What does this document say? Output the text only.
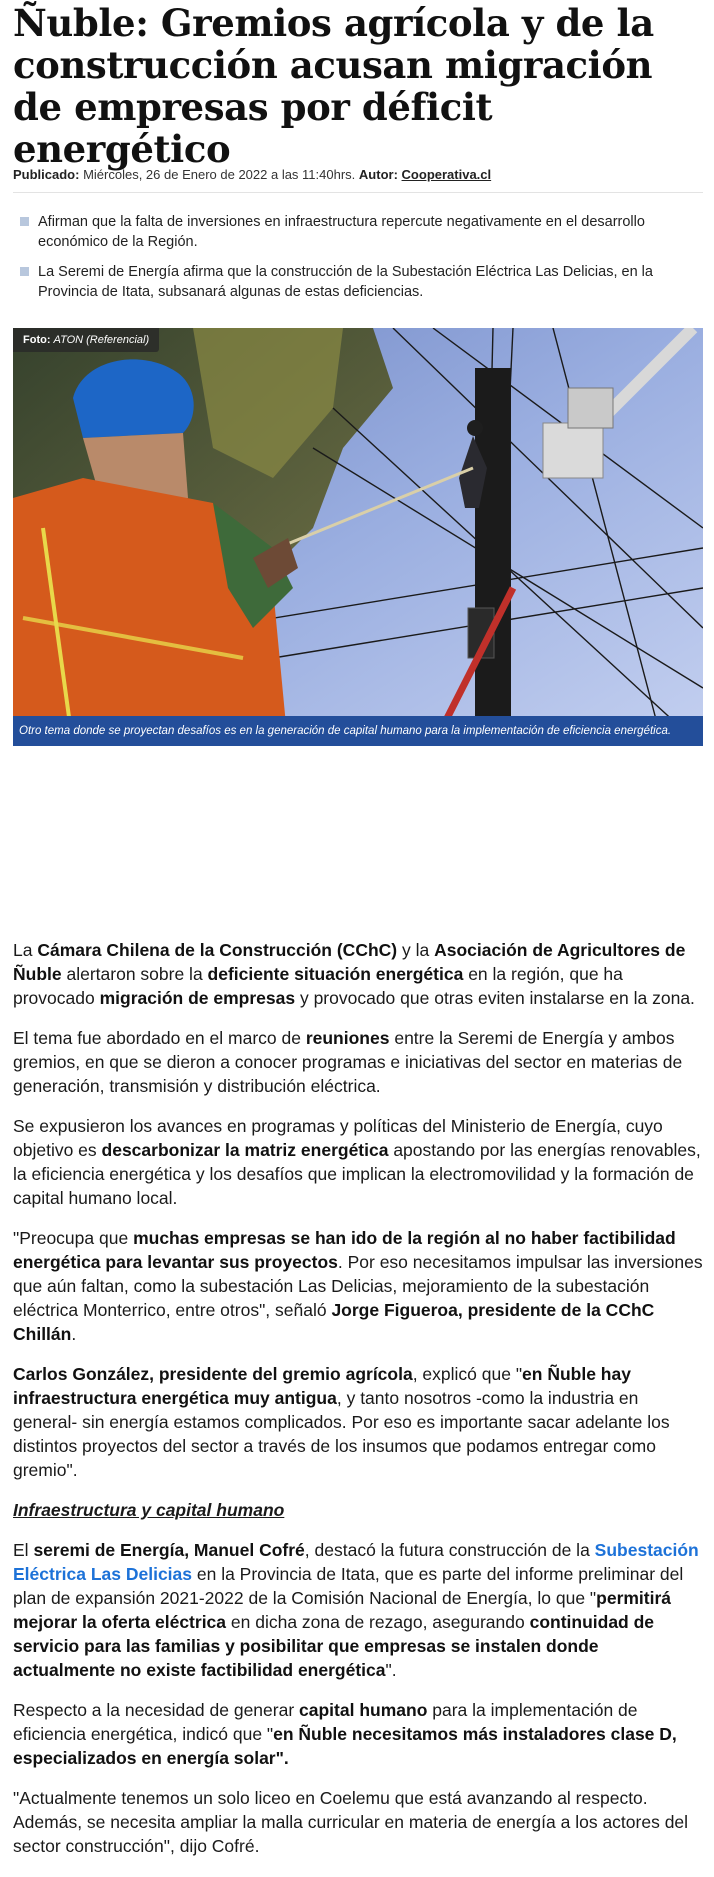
Ñuble: Gremios agrícola y de la construcción acusan migración de empresas por déficit energético
Publicado: Miércoles, 26 de Enero de 2022 a las 11:40hrs. Autor: Cooperativa.cl
Afirman que la falta de inversiones en infraestructura repercute negativamente en el desarrollo económico de la Región.
La Seremi de Energía afirma que la construcción de la Subestación Eléctrica Las Delicias, en la Provincia de Itata, subsanará algunas de estas deficiencias.
Foto: ATON (Referencial)
Otro tema donde se proyectan desafíos es en la generación de capital humano para la implementación de eficiencia energética.

La Cámara Chilena de la Construcción (CChC) y la Asociación de Agricultores de Ñuble alertaron sobre la deficiente situación energética en la región, que ha provocado migración de empresas y provocado que otras eviten instalarse en la zona.

El tema fue abordado en el marco de reuniones entre la Seremi de Energía y ambos gremios, en que se dieron a conocer programas e iniciativas del sector en materias de generación, transmisión y distribución eléctrica.

Se expusieron los avances en programas y políticas del Ministerio de Energía, cuyo objetivo es descarbonizar la matriz energética apostando por las energías renovables, la eficiencia energética y los desafíos que implican la electromovilidad y la formación de capital humano local.

"Preocupa que muchas empresas se han ido de la región al no haber factibilidad energética para levantar sus proyectos. Por eso necesitamos impulsar las inversiones que aún faltan, como la subestación Las Delicias, mejoramiento de la subestación eléctrica Monterrico, entre otros", señaló Jorge Figueroa, presidente de la CChC Chillán.

Carlos González, presidente del gremio agrícola, explicó que "en Ñuble hay infraestructura energética muy antigua, y tanto nosotros -como la industria en general- sin energía estamos complicados. Por eso es importante sacar adelante los distintos proyectos del sector a través de los insumos que podamos entregar como gremio".

Infraestructura y capital humano

El seremi de Energía, Manuel Cofré, destacó la futura construcción de la Subestación Eléctrica Las Delicias en la Provincia de Itata, que es parte del informe preliminar del plan de expansión 2021-2022 de la Comisión Nacional de Energía, lo que "permitirá mejorar la oferta eléctrica en dicha zona de rezago, asegurando continuidad de servicio para las familias y posibilitar que empresas se instalen donde actualmente no existe factibilidad energética".

Respecto a la necesidad de generar capital humano para la implementación de eficiencia energética, indicó que "en Ñuble necesitamos más instaladores clase D, especializados en energía solar".

"Actualmente tenemos un solo liceo en Coelemu que está avanzando al respecto. Además, se necesita ampliar la malla curricular en materia de energía a los actores del sector construcción", dijo Cofré.
